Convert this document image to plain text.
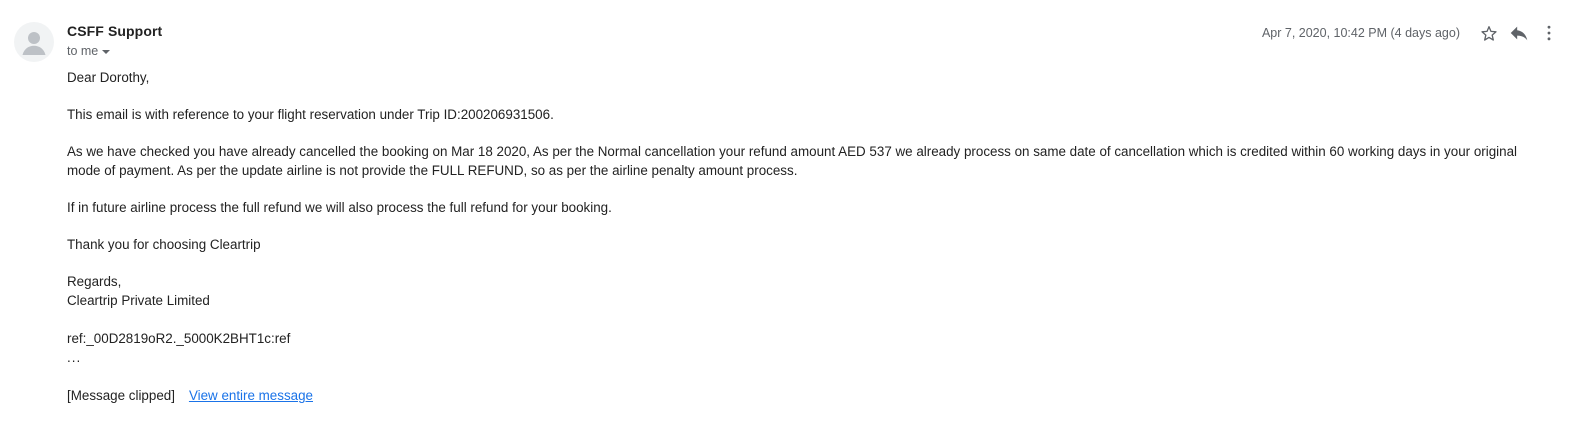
CSFF Support
to me
Apr 7, 2020, 10:42 PM (4 days ago)

Dear Dorothy,

This email is with reference to your flight reservation under Trip ID:200206931506.

As we have checked you have already cancelled the booking on Mar 18 2020, As per the Normal cancellation your refund amount AED 537 we already process on same date of cancellation which is credited within 60 working days in your original mode of payment. As per the update airline is not provide the FULL REFUND, so as per the airline penalty amount process.

If in future airline process the full refund we will also process the full refund for your booking.

Thank you for choosing Cleartrip

Regards,

Cleartrip Private Limited

ref:_00D2819oR2._5000K2BHT1c:ref

...

[Message clipped] View entire message
